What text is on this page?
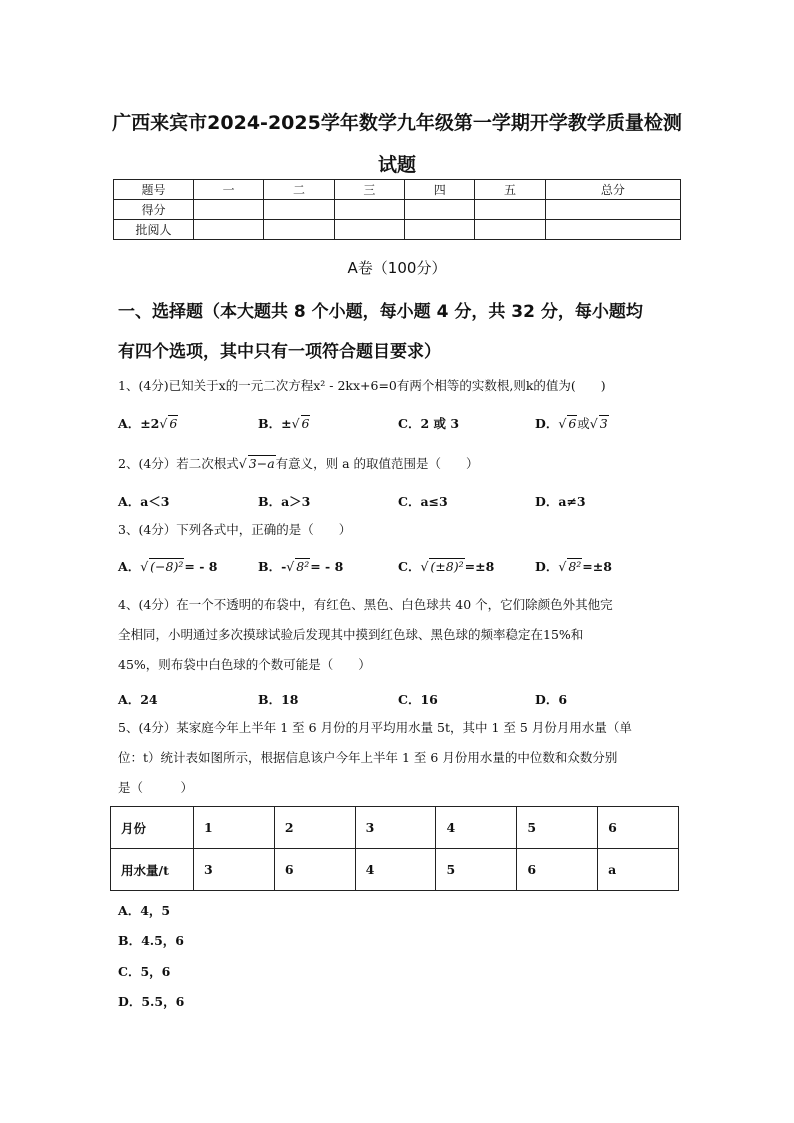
广西来宾市2024-2025学年数学九年级第一学期开学教学质量检测
试题
题号	一	二	三	四	五	总分
得分						
批阅人						
A卷（100分）
一、选择题（本大题共 8 个小题，每小题 4 分，共 32 分，每小题均
有四个选项，其中只有一项符合题目要求）
1、(4分)已知关于x的一元二次方程x² - 2kx+6=0有两个相等的实数根,则k的值为(　　)
A．±2√ 6	B．±√ 6	C．2 或 3	D．√ 6或√ 3
2、(4分）若二次根式√ 3−a有意义，则 a 的取值范围是（　　）
A．a＜3	B．a＞3	C．a≤3	D．a≠3
3、(4分）下列各式中，正确的是（　　）
A．√ (−8)²= - 8	B．-√ 8²= - 8	C．√ (±8)²=±8	D．√ 8²=±8
4、(4分）在一个不透明的布袋中，有红色、黑色、白色球共 40 个，它们除颜色外其他完
全相同，小明通过多次摸球试验后发现其中摸到红色球、黑色球的频率稳定在15%和
45%，则布袋中白色球的个数可能是（　　）
A．24	B．18	C．16	D．6
5、(4分）某家庭今年上半年 1 至 6 月份的月平均用水量 5t，其中 1 至 5 月份月用水量（单
位：t）统计表如图所示，根据信息该户今年上半年 1 至 6 月份用水量的中位数和众数分别
是（　　　）
月份	1	2	3	4	5	6
用水量/t	3	6	4	5	6	a
A．4，5
B．4.5，6
C．5，6
D．5.5，6
